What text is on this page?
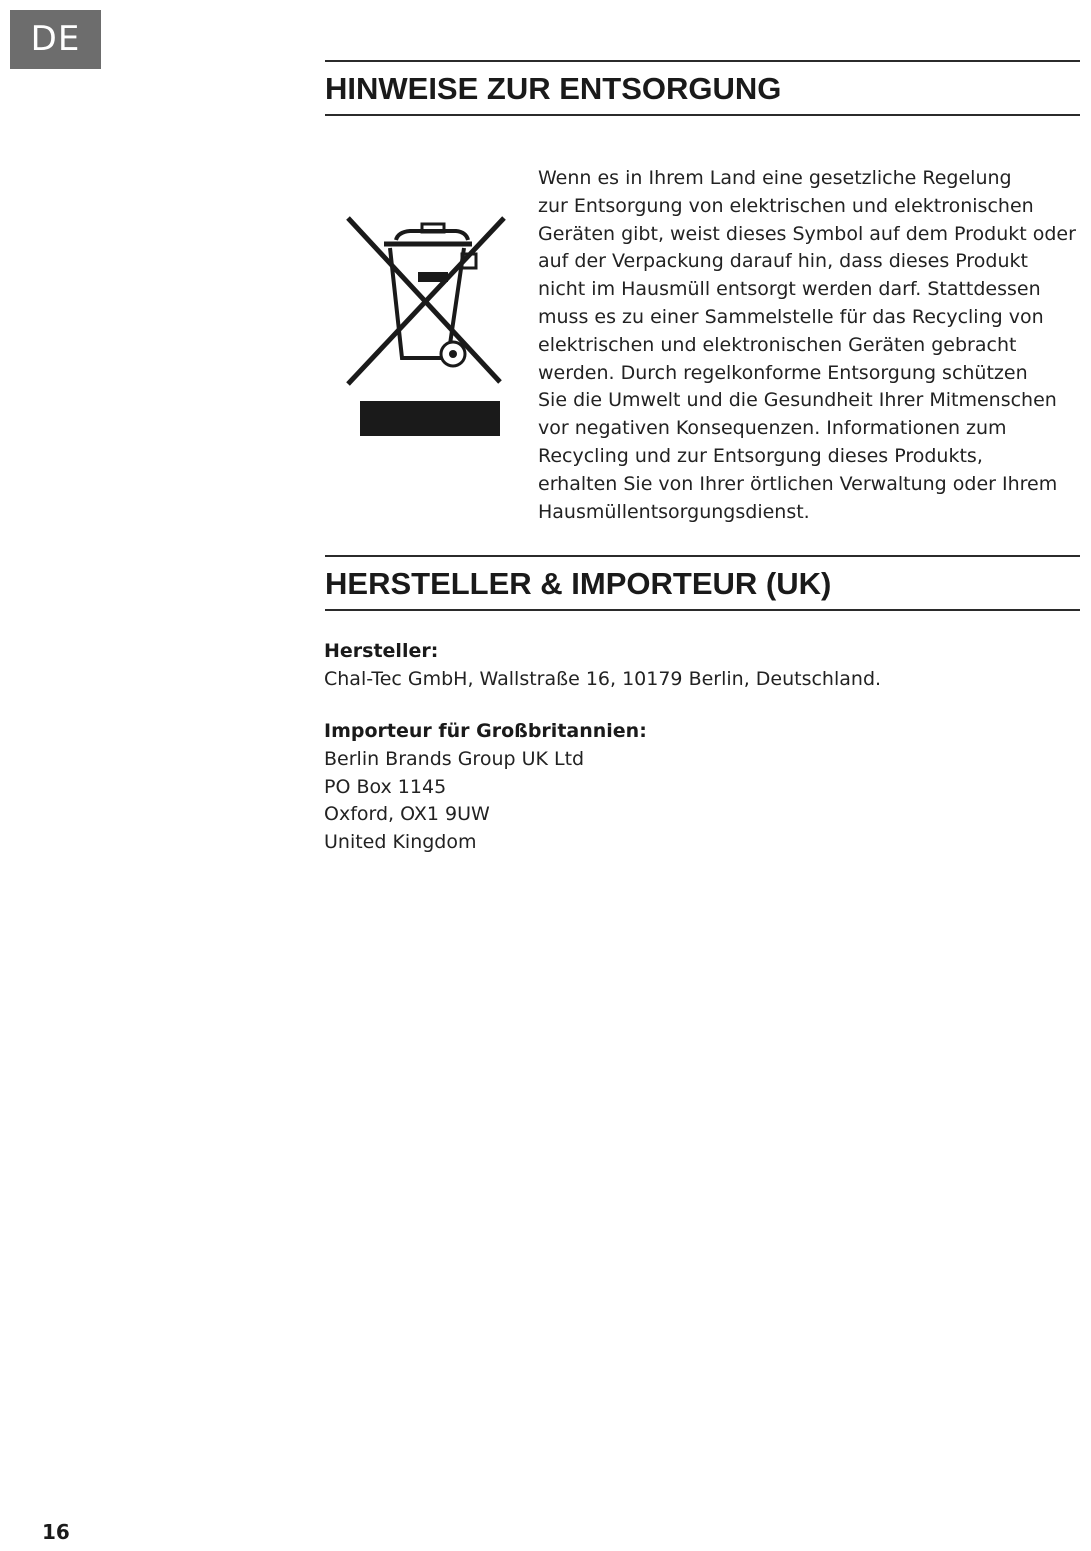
DE
HINWEISE ZUR ENTSORGUNG

Wenn es in Ihrem Land eine gesetzliche Regelung
zur Entsorgung von elektrischen und elektronischen
Geräten gibt, weist dieses Symbol auf dem Produkt oder
auf der Verpackung darauf hin, dass dieses Produkt
nicht im Hausmüll entsorgt werden darf. Stattdessen
muss es zu einer Sammelstelle für das Recycling von
elektrischen und elektronischen Geräten gebracht
werden. Durch regelkonforme Entsorgung schützen
Sie die Umwelt und die Gesundheit Ihrer Mitmenschen
vor negativen Konsequenzen. Informationen zum
Recycling und zur Entsorgung dieses Produkts,
erhalten Sie von Ihrer örtlichen Verwaltung oder Ihrem
Hausmüllentsorgungsdienst.

HERSTELLER & IMPORTEUR (UK)
Hersteller:
Chal-Tec GmbH, Wallstraße 16, 10179 Berlin, Deutschland.
Importeur für Großbritannien:
Berlin Brands Group UK Ltd
PO Box 1145
Oxford, OX1 9UW
United Kingdom
16
